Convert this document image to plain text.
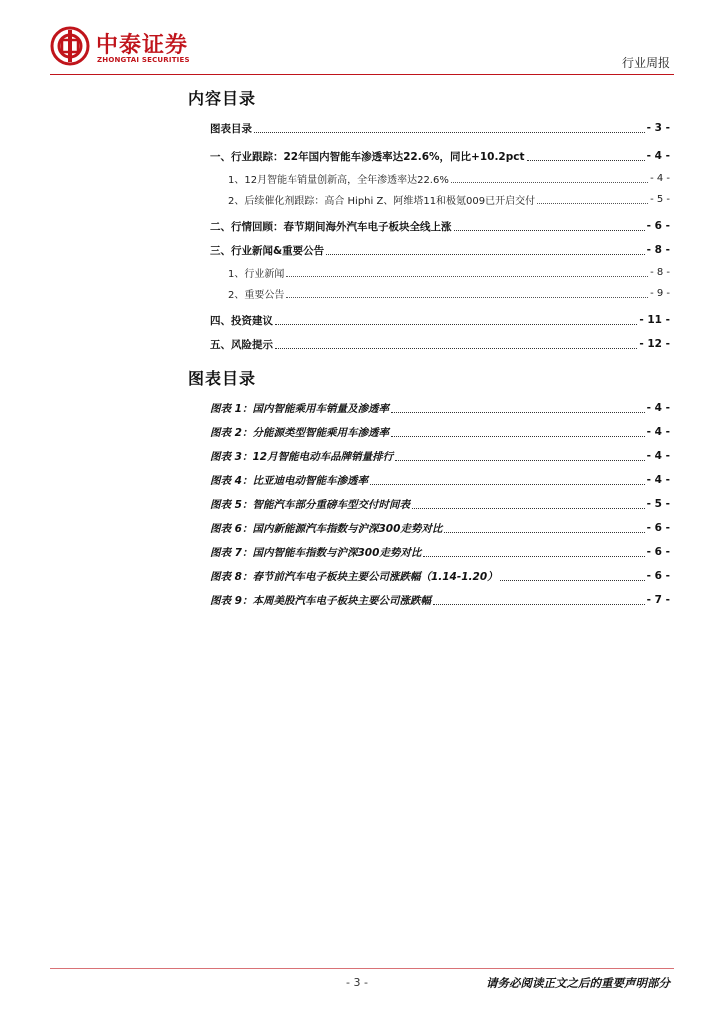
中泰证券
ZHONGTAI SECURITIES	行业周报
内容目录
图表目录	- 3 -
一、行业跟踪：22年国内智能车渗透率达22.6%，同比+10.2pct	- 4 -
1、12月智能车销量创新高，全年渗透率达22.6%	- 4 -
2、后续催化剂跟踪：高合 Hiphi Z、阿维塔11和极氪009已开启交付	- 5 -
二、行情回顾：春节期间海外汽车电子板块全线上涨	- 6 -
三、行业新闻&重要公告	- 8 -
1、行业新闻	- 8 -
2、重要公告	- 9 -
四、投资建议	- 11 -
五、风险提示	- 12 -
图表目录
图表 1：国内智能乘用车销量及渗透率	- 4 -
图表 2：分能源类型智能乘用车渗透率	- 4 -
图表 3：12月智能电动车品牌销量排行	- 4 -
图表 4：比亚迪电动智能车渗透率	- 4 -
图表 5：智能汽车部分重磅车型交付时间表	- 5 -
图表 6：国内新能源汽车指数与沪深300走势对比	- 6 -
图表 7：国内智能车指数与沪深300走势对比	- 6 -
图表 8：春节前汽车电子板块主要公司涨跌幅（1.14-1.20）	- 6 -
图表 9：本周美股汽车电子板块主要公司涨跌幅	- 7 -
- 3 -	请务必阅读正文之后的重要声明部分
